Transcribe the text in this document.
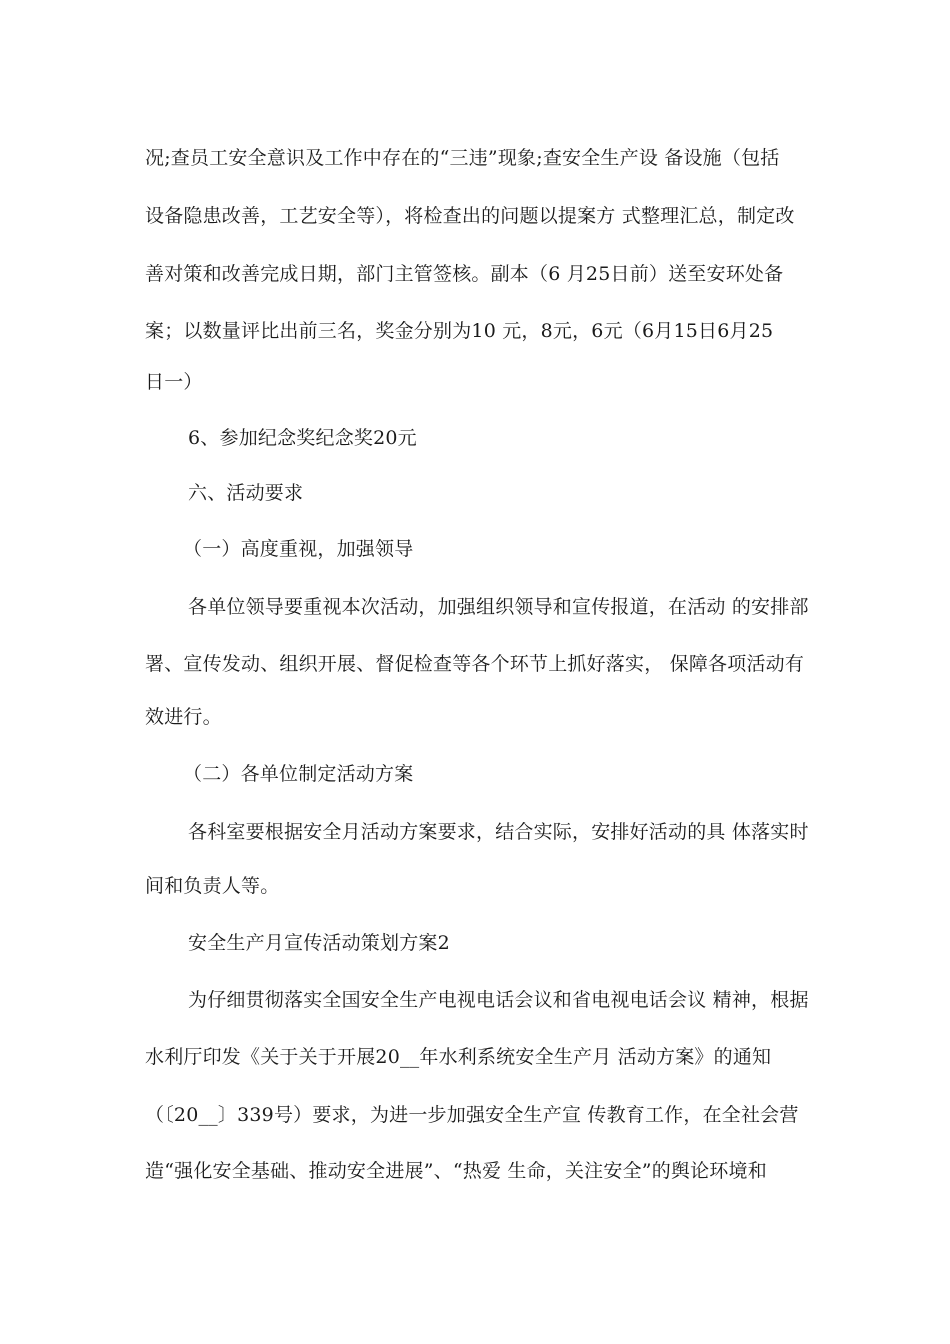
况;查员工安全意识及工作中存在的“三违”现象;查安全生产设 备设施（包括
设备隐患改善，工艺安全等），将检查出的问题以提案方 式整理汇总，制定改
善对策和改善完成日期，部门主管签核。副本（6 月25日前）送至安环处备
案；以数量评比出前三名，奖金分别为10 元，8元，6元（6月15日6月25
日一）
6、参加纪念奖纪念奖20元
六、活动要求
（一）高度重视，加强领导
各单位领导要重视本次活动，加强组织领导和宣传报道，在活动 的安排部
署、宣传发动、组织开展、督促检查等各个环节上抓好落实， 保障各项活动有
效进行。
（二）各单位制定活动方案
各科室要根据安全月活动方案要求，结合实际，安排好活动的具 体落实时
间和负责人等。
安全生产月宣传活动策划方案2
为仔细贯彻落实全国安全生产电视电话会议和省电视电话会议 精神，根据
水利厅印发《关于关于开展20__年水利系统安全生产月 活动方案》的通知
（〔20__〕339号）要求，为进一步加强安全生产宣 传教育工作，在全社会营
造“强化安全基础、推动安全进展”、“热爱 生命，关注安全”的舆论环境和
